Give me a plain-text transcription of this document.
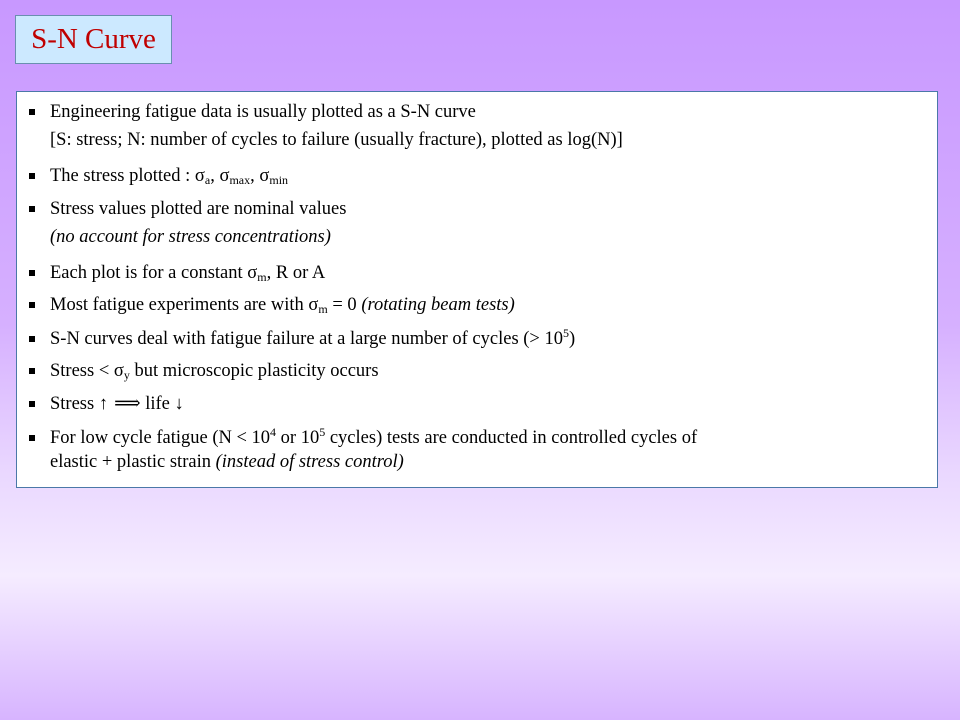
S-N Curve
Engineering fatigue data is usually plotted as a S-N curve
[S: stress; N: number of cycles to failure (usually fracture), plotted as log(N)]
The stress plotted : $\sigma_a$, $\sigma_{max}$, $\sigma_{min}$
Stress values plotted are nominal values
(no account for stress concentrations)
Each plot is for a constant $\sigma_m$, R or A
Most fatigue experiments are with $\sigma_m = 0$ (rotating beam tests)
S-N curves deal with fatigue failure at a large number of cycles (> $10^5$)
Stress < $\sigma_y$ but microscopic plasticity occurs
Stress ↑ ⟹ life ↓
For low cycle fatigue ($N < 10^4$ or $10^5$ cycles) tests are conducted in controlled cycles of
elastic + plastic strain (instead of stress control)
